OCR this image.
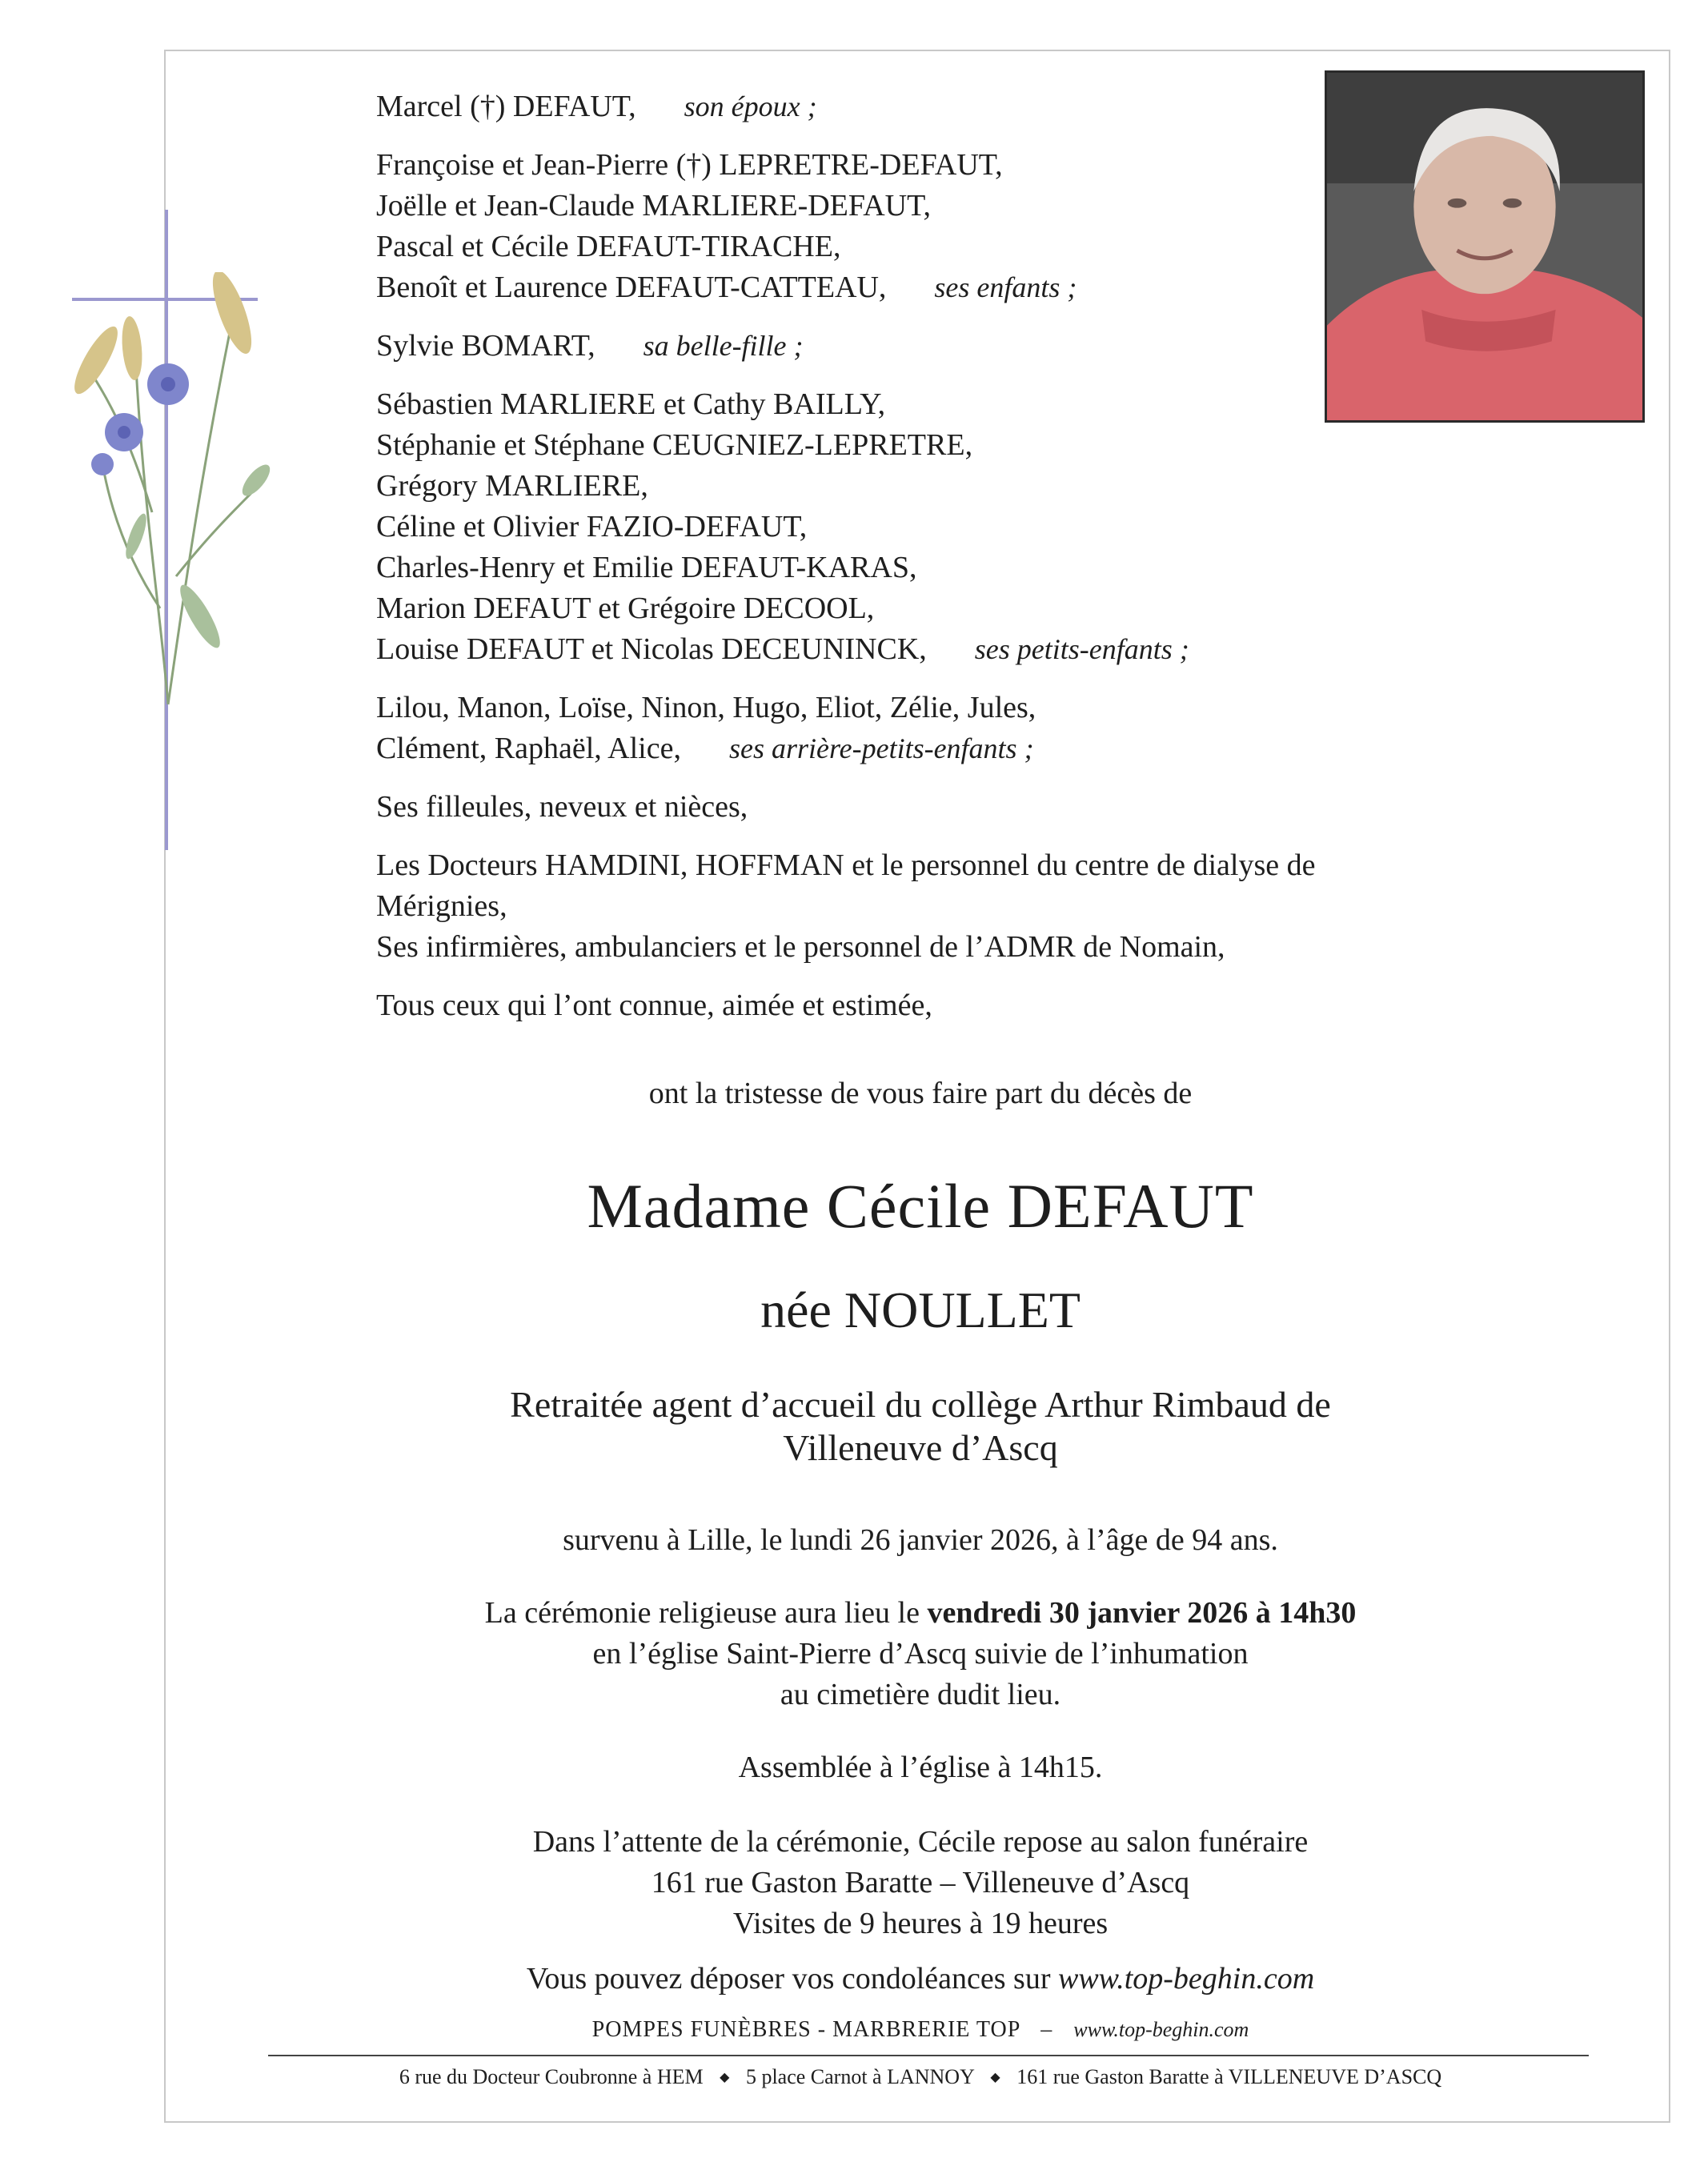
Marcel (†) DEFAUT, son époux ;
Françoise et Jean-Pierre (†) LEPRETRE-DEFAUT,
Joëlle et Jean-Claude MARLIERE-DEFAUT,
Pascal et Cécile DEFAUT-TIRACHE,
Benoît et Laurence DEFAUT-CATTEAU, ses enfants ;
Sylvie BOMART, sa belle-fille ;
Sébastien MARLIERE et Cathy BAILLY,
Stéphanie et Stéphane CEUGNIEZ-LEPRETRE,
Grégory MARLIERE,
Céline et Olivier FAZIO-DEFAUT,
Charles-Henry et Emilie DEFAUT-KARAS,
Marion DEFAUT et Grégoire DECOOL,
Louise DEFAUT et Nicolas DECEUNINCK, ses petits-enfants ;
Lilou, Manon, Loïse, Ninon, Hugo, Eliot, Zélie, Jules,
Clément, Raphaël, Alice, ses arrière-petits-enfants ;
Ses filleules, neveux et nièces,
Les Docteurs HAMDINI, HOFFMAN et le personnel du centre de dialyse de
Mérignies,
Ses infirmières, ambulanciers et le personnel de l’ADMR de Nomain,
Tous ceux qui l’ont connue, aimée et estimée,
ont la tristesse de vous faire part du décès de
Madame Cécile DEFAUT
née NOULLET
Retraitée agent d’accueil du collège Arthur Rimbaud de
Villeneuve d’Ascq
survenu à Lille, le lundi 26 janvier 2026, à l’âge de 94 ans.
La cérémonie religieuse aura lieu le vendredi 30 janvier 2026 à 14h30
en l’église Saint-Pierre d’Ascq suivie de l’inhumation
au cimetière dudit lieu.
Assemblée à l’église à 14h15.
Dans l’attente de la cérémonie, Cécile repose au salon funéraire
161 rue Gaston Baratte – Villeneuve d’Ascq
Visites de 9 heures à 19 heures
Vous pouvez déposer vos condoléances sur www.top-beghin.com
POMPES FUNÈBRES - MARBRERIE TOP – www.top-beghin.com
6 rue du Docteur Coubronne à HEM ◆ 5 place Carnot à LANNOY ◆ 161 rue Gaston Baratte à VILLENEUVE D’ASCQ
